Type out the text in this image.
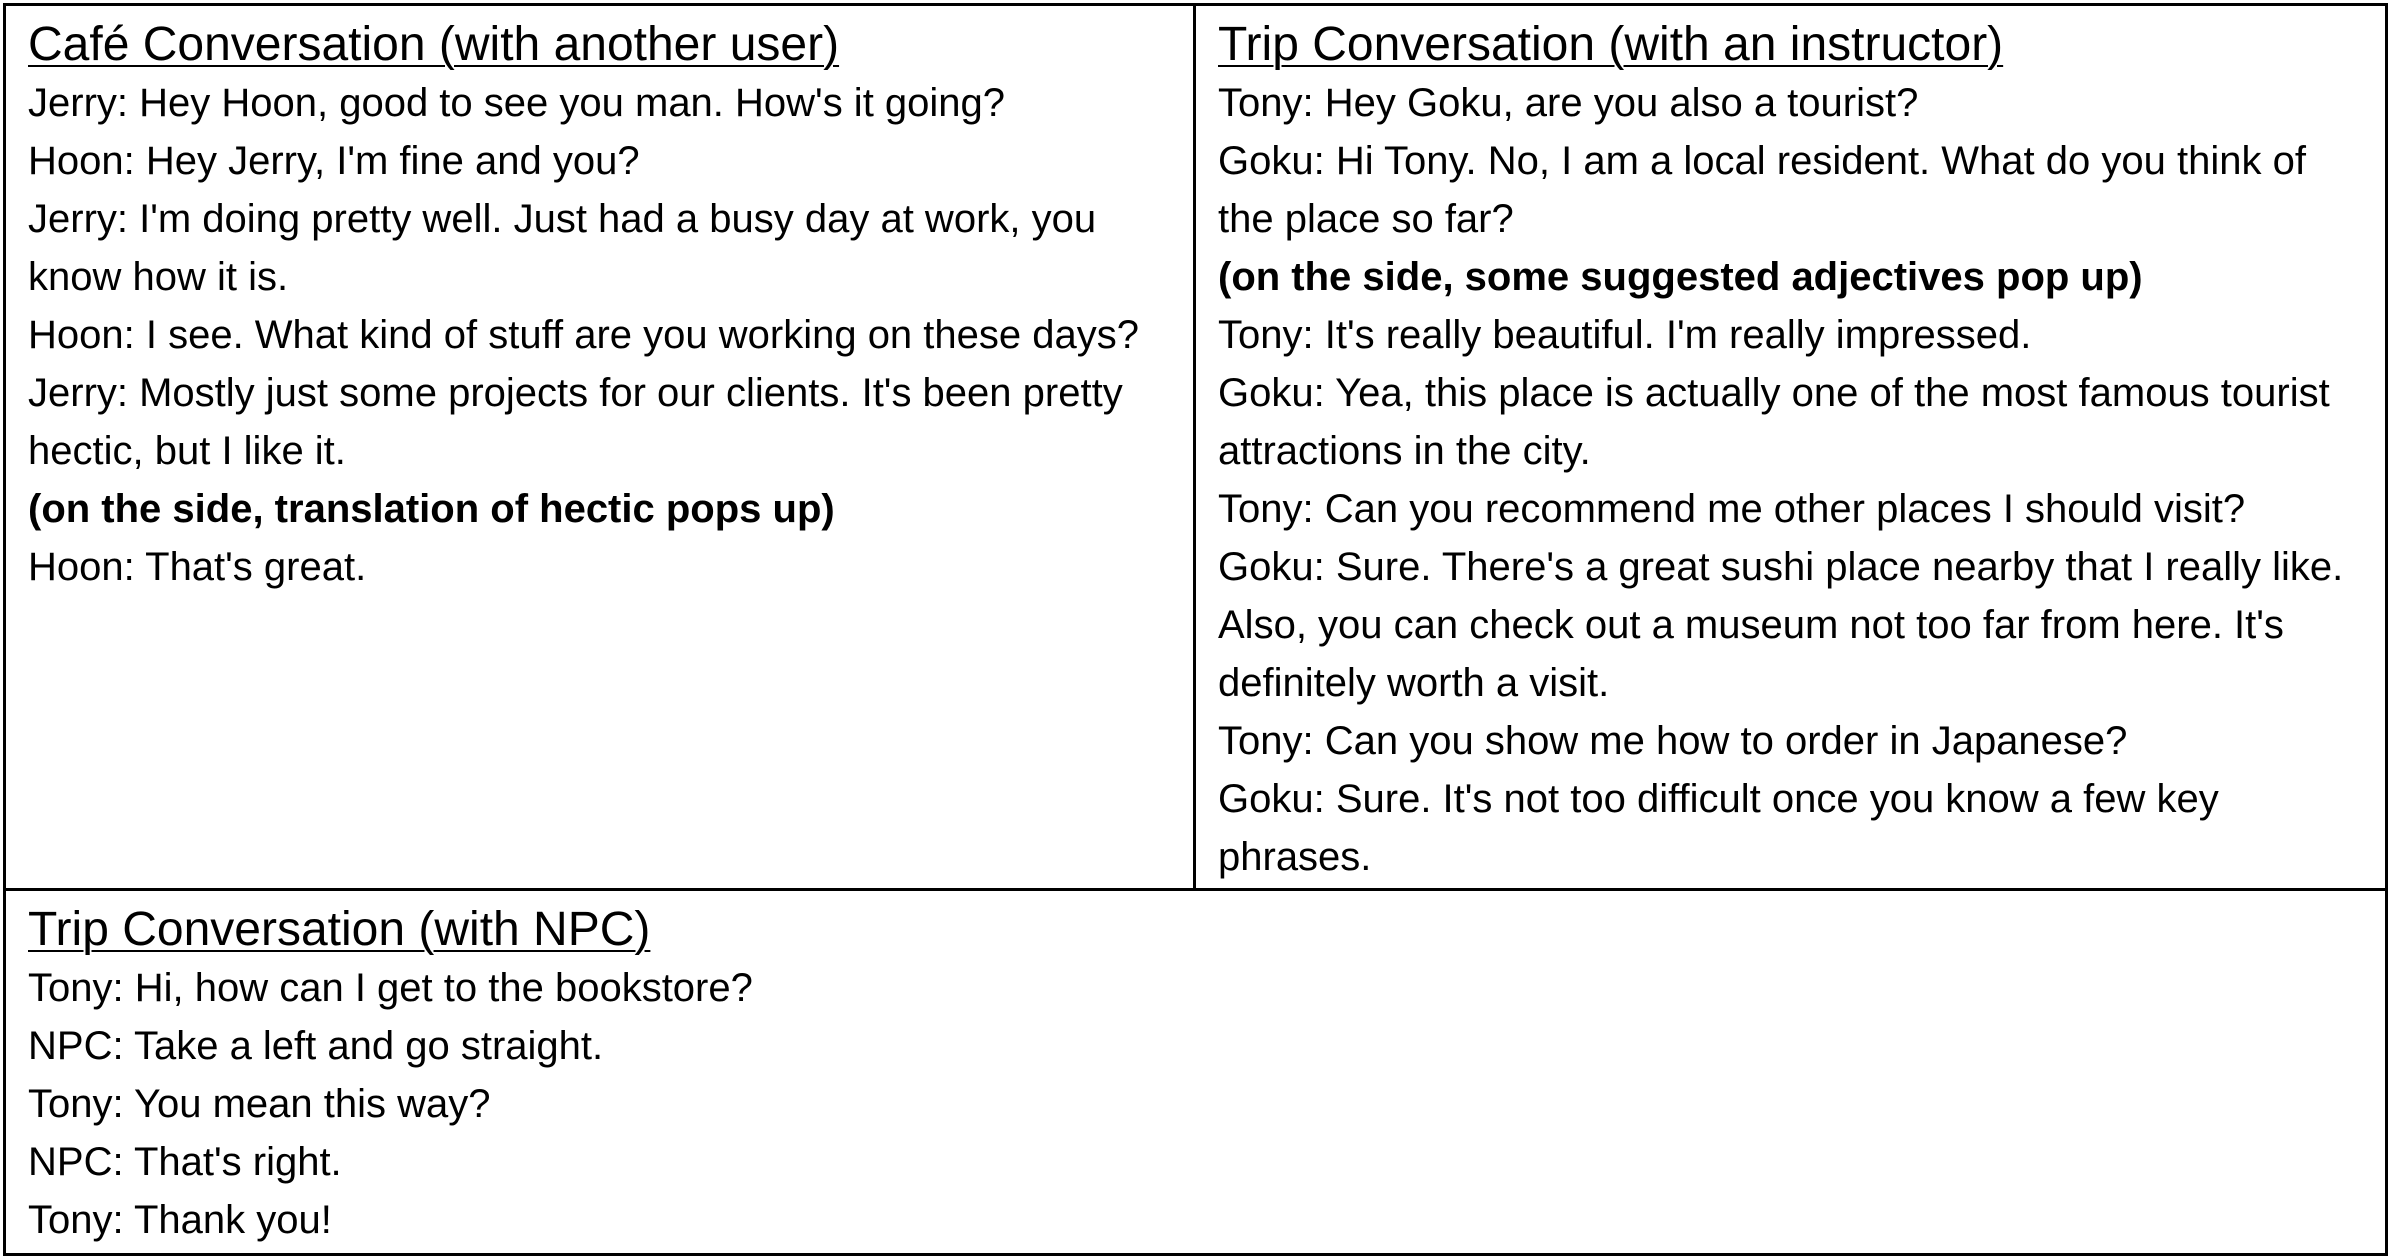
Café Conversation (with another user)

Jerry: Hey Hoon, good to see you man. How's it going?

Hoon: Hey Jerry, I'm fine and you?

Jerry: I'm doing pretty well. Just had a busy day at work, you know how it is.

Hoon: I see. What kind of stuff are you working on these days?

Jerry: Mostly just some projects for our clients. It's been pretty hectic, but I like it.

(on the side, translation of hectic pops up)

Hoon: That's great.

Trip Conversation (with an instructor)

Tony: Hey Goku, are you also a tourist?

Goku: Hi Tony. No, I am a local resident. What do you think of the place so far?

(on the side, some suggested adjectives pop up)

Tony: It's really beautiful. I'm really impressed.

Goku: Yea, this place is actually one of the most famous tourist attractions in the city.

Tony: Can you recommend me other places I should visit?

Goku: Sure. There's a great sushi place nearby that I really like. Also, you can check out a museum not too far from here. It's definitely worth a visit.

Tony: Can you show me how to order in Japanese?

Goku: Sure. It's not too difficult once you know a few key phrases.

Trip Conversation (with NPC)

Tony: Hi, how can I get to the bookstore?

NPC: Take a left and go straight.

Tony: You mean this way?

NPC: That's right.

Tony: Thank you!
